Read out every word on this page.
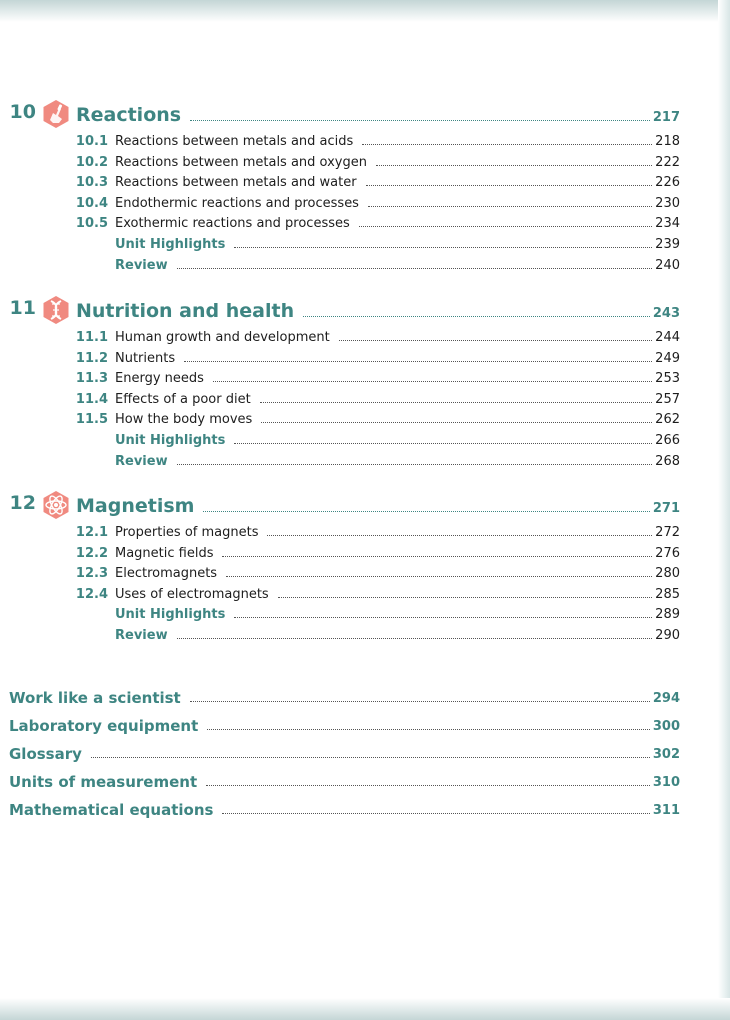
10 Reactions	217
10.1 Reactions between metals and acids	218
10.2 Reactions between metals and oxygen	222
10.3 Reactions between metals and water	226
10.4 Endothermic reactions and processes	230
10.5 Exothermic reactions and processes	234
Unit Highlights	239
Review	240
11 Nutrition and health	243
11.1 Human growth and development	244
11.2 Nutrients	249
11.3 Energy needs	253
11.4 Effects of a poor diet	257
11.5 How the body moves	262
Unit Highlights	266
Review	268
12 Magnetism	271
12.1 Properties of magnets	272
12.2 Magnetic fields	276
12.3 Electromagnets	280
12.4 Uses of electromagnets	285
Unit Highlights	289
Review	290
Work like a scientist	294
Laboratory equipment	300
Glossary	302
Units of measurement	310
Mathematical equations	311
